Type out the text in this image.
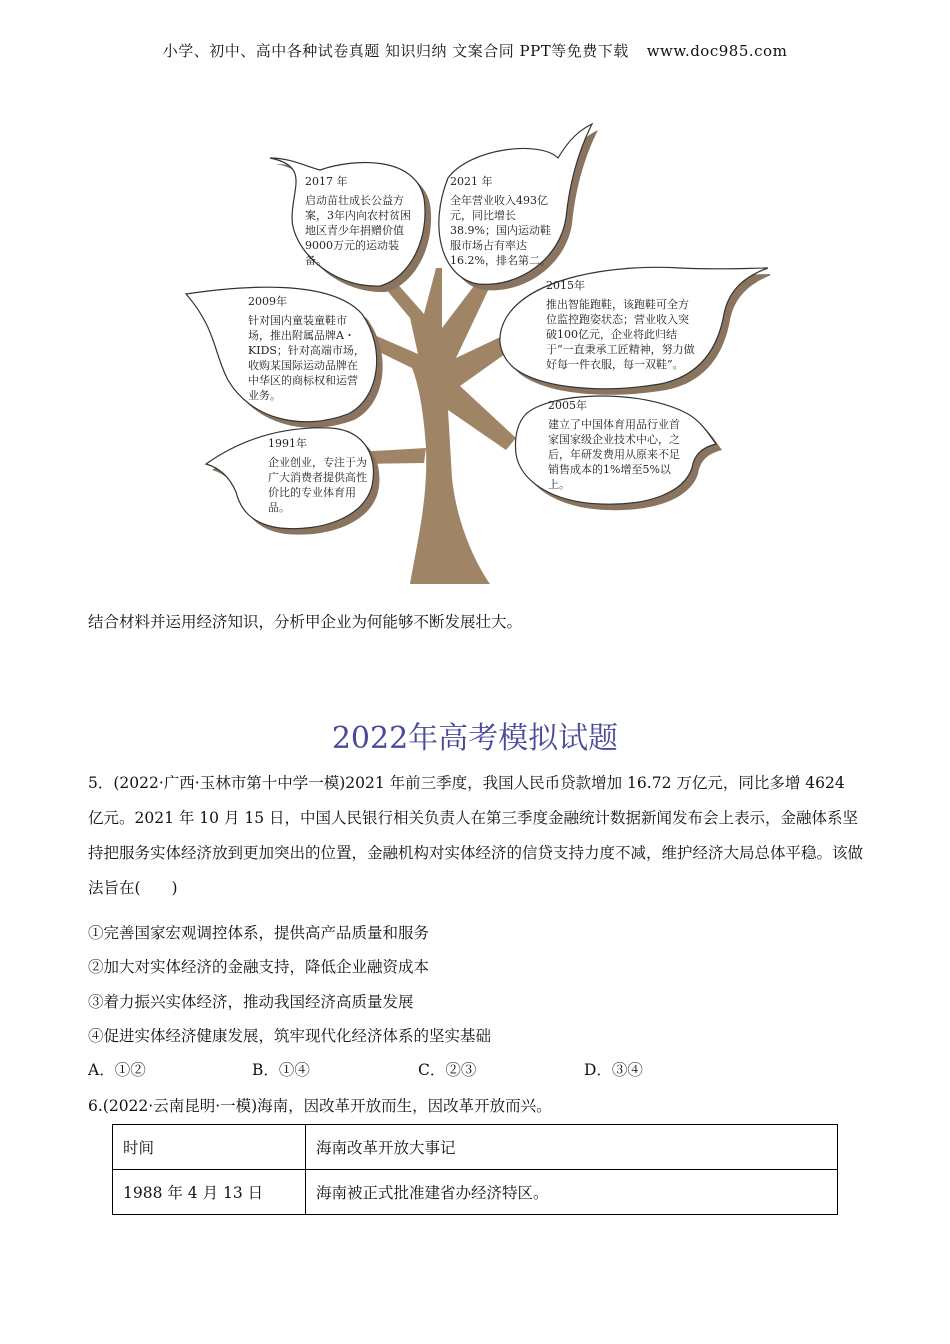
小学、初中、高中各种试卷真题 知识归纳 文案合同 PPT等免费下载 www.doc985.com
2017 年
启动苗壮成长公益方案，3年内向农村贫困地区青少年捐赠价值9000万元的运动装备。
2021 年
全年营业收入493亿元，同比增长38.9%；国内运动鞋服市场占有率达16.2%，排名第二。
2009年
针对国内童装童鞋市场，推出附属品牌A・KIDS；针对高端市场，收购某国际运动品牌在中华区的商标权和运营业务。
2015年
推出智能跑鞋，该跑鞋可全方位监控跑姿状态；营业收入突破100亿元，企业将此归结于“一直秉承工匠精神，努力做好每一件衣服，每一双鞋”。
2005年
建立了中国体育用品行业首家国家级企业技术中心，之后，年研发费用从原来不足销售成本的1%增至5%以上。
1991年
企业创业，专注于为广大消费者提供高性价比的专业体育用品。
结合材料并运用经济知识，分析甲企业为何能够不断发展壮大。
2022年高考模拟试题
5．(2022·广西·玉林市第十中学一模)2021 年前三季度，我国人民币贷款增加 16.72 万亿元，同比多增 4624 亿元。2021 年 10 月 15 日，中国人民银行相关负责人在第三季度金融统计数据新闻发布会上表示，金融体系坚持把服务实体经济放到更加突出的位置，金融机构对实体经济的信贷支持力度不减，维护经济大局总体平稳。该做法旨在(　　)
①完善国家宏观调控体系，提供高产品质量和服务
②加大对实体经济的金融支持，降低企业融资成本
③着力振兴实体经济，推动我国经济高质量发展
④促进实体经济健康发展，筑牢现代化经济体系的坚实基础
A．①②	B．①④	C．②③	D．③④
6.(2022·云南昆明·一模)海南，因改革开放而生，因改革开放而兴。
时间	海南改革开放大事记
1988 年 4 月 13 日	海南被正式批准建省办经济特区。
